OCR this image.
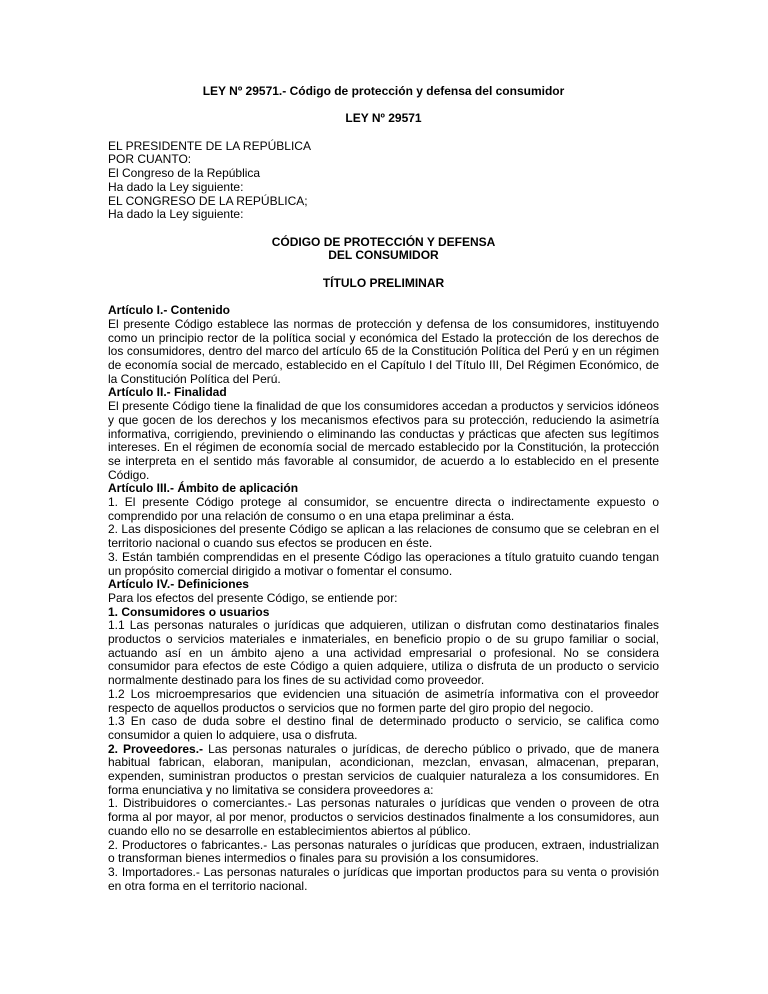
LEY Nº 29571.- Código de protección y defensa del consumidor

LEY Nº 29571

EL PRESIDENTE DE LA REPÚBLICA

POR CUANTO:

El Congreso de la República

Ha dado la Ley siguiente:

EL CONGRESO DE LA REPÚBLICA;

Ha dado la Ley siguiente:

CÓDIGO DE PROTECCIÓN Y DEFENSA

DEL CONSUMIDOR

TÍTULO PRELIMINAR

Artículo I.- Contenido

El presente Código establece las normas de protección y defensa de los consumidores, instituyendo como un principio rector de la política social y económica del Estado la protección de los derechos de los consumidores, dentro del marco del artículo 65 de la Constitución Política del Perú y en un régimen de economía social de mercado, establecido en el Capítulo I del Título III, Del Régimen Económico, de la Constitución Política del Perú.

Artículo II.- Finalidad

El presente Código tiene la finalidad de que los consumidores accedan a productos y servicios idóneos y que gocen de los derechos y los mecanismos efectivos para su protección, reduciendo la asimetría informativa, corrigiendo, previniendo o eliminando las conductas y prácticas que afecten sus legítimos intereses. En el régimen de economía social de mercado establecido por la Constitución, la protección se interpreta en el sentido más favorable al consumidor, de acuerdo a lo establecido en el presente Código.

Artículo III.- Ámbito de aplicación

1. El presente Código protege al consumidor, se encuentre directa o indirectamente expuesto o comprendido por una relación de consumo o en una etapa preliminar a ésta.

2. Las disposiciones del presente Código se aplican a las relaciones de consumo que se celebran en el territorio nacional o cuando sus efectos se producen en éste.

3. Están también comprendidas en el presente Código las operaciones a título gratuito cuando tengan un propósito comercial dirigido a motivar o fomentar el consumo.

Artículo IV.- Definiciones

Para los efectos del presente Código, se entiende por:

1. Consumidores o usuarios

1.1 Las personas naturales o jurídicas que adquieren, utilizan o disfrutan como destinatarios finales productos o servicios materiales e inmateriales, en beneficio propio o de su grupo familiar o social, actuando así en un ámbito ajeno a una actividad empresarial o profesional. No se considera consumidor para efectos de este Código a quien adquiere, utiliza o disfruta de un producto o servicio normalmente destinado para los fines de su actividad como proveedor.

1.2 Los microempresarios que evidencien una situación de asimetría informativa con el proveedor respecto de aquellos productos o servicios que no formen parte del giro propio del negocio.

1.3 En caso de duda sobre el destino final de determinado producto o servicio, se califica como consumidor a quien lo adquiere, usa o disfruta.

2. Proveedores.- Las personas naturales o jurídicas, de derecho público o privado, que de manera habitual fabrican, elaboran, manipulan, acondicionan, mezclan, envasan, almacenan, preparan, expenden, suministran productos o prestan servicios de cualquier naturaleza a los consumidores. En forma enunciativa y no limitativa se considera proveedores a:

1. Distribuidores o comerciantes.- Las personas naturales o jurídicas que venden o proveen de otra forma al por mayor, al por menor, productos o servicios destinados finalmente a los consumidores, aun cuando ello no se desarrolle en establecimientos abiertos al público.

2. Productores o fabricantes.- Las personas naturales o jurídicas que producen, extraen, industrializan o transforman bienes intermedios o finales para su provisión a los consumidores.

3. Importadores.- Las personas naturales o jurídicas que importan productos para su venta o provisión en otra forma en el territorio nacional.
